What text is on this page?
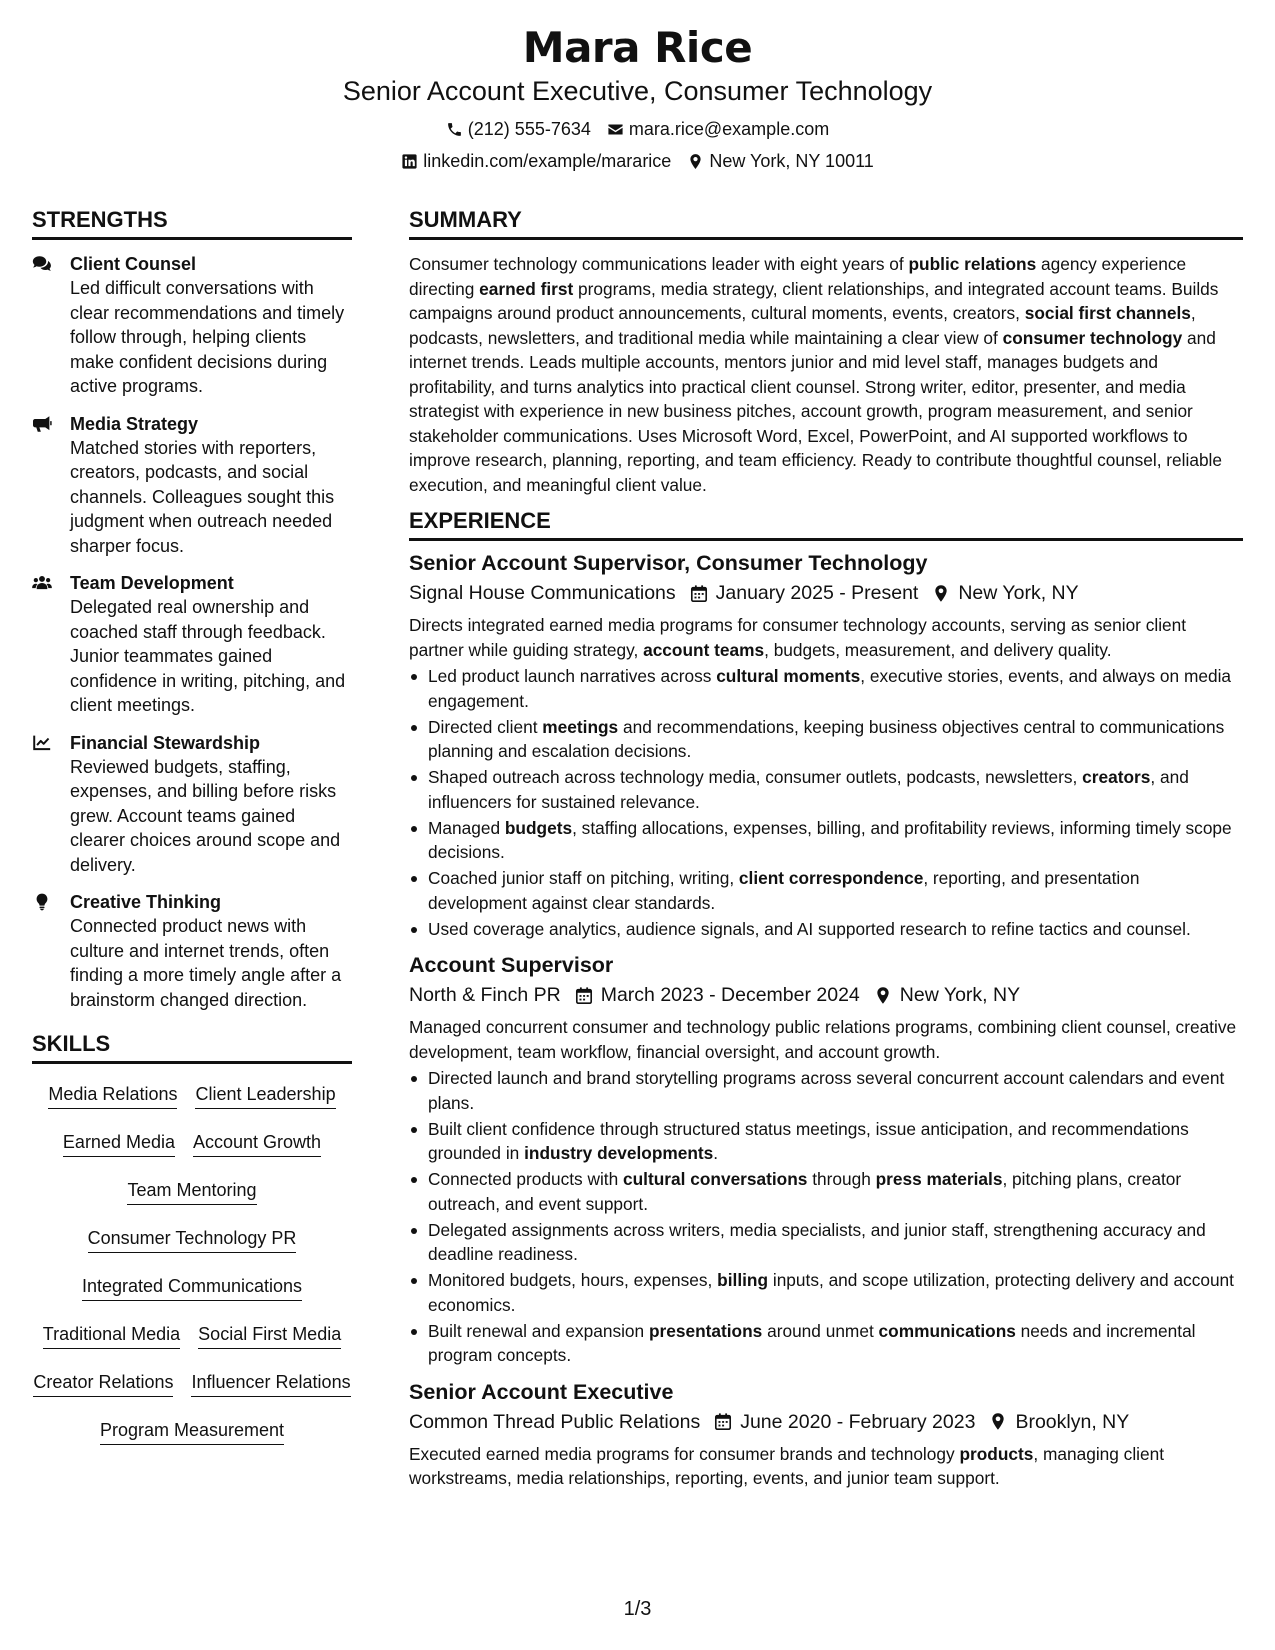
Mara Rice
Senior Account Executive, Consumer Technology
(212) 555-7634 mara.rice@example.com
linkedin.com/example/mararice New York, NY 10011
STRENGTHS
Client Counsel
Led difficult conversations with clear recommendations and timely follow through, helping clients make confident decisions during active programs.
Media Strategy
Matched stories with reporters, creators, podcasts, and social channels. Colleagues sought this judgment when outreach needed sharper focus.
Team Development
Delegated real ownership and coached staff through feedback. Junior teammates gained confidence in writing, pitching, and client meetings.
Financial Stewardship
Reviewed budgets, staffing, expenses, and billing before risks grew. Account teams gained clearer choices around scope and delivery.
Creative Thinking
Connected product news with culture and internet trends, often finding a more timely angle after a brainstorm changed direction.
SKILLS
Media Relations Client Leadership
Earned Media Account Growth
Team Mentoring
Consumer Technology PR
Integrated Communications
Traditional Media Social First Media
Creator Relations Influencer Relations
Program Measurement
SUMMARY
Consumer technology communications leader with eight years of public relations agency experience directing earned first programs, media strategy, client relationships, and integrated account teams. Builds campaigns around product announcements, cultural moments, events, creators, social first channels, podcasts, newsletters, and traditional media while maintaining a clear view of consumer technology and internet trends. Leads multiple accounts, mentors junior and mid level staff, manages budgets and profitability, and turns analytics into practical client counsel. Strong writer, editor, presenter, and media strategist with experience in new business pitches, account growth, program measurement, and senior stakeholder communications. Uses Microsoft Word, Excel, PowerPoint, and AI supported workflows to improve research, planning, reporting, and team efficiency. Ready to contribute thoughtful counsel, reliable execution, and meaningful client value.
EXPERIENCE
Senior Account Supervisor, Consumer Technology
Signal House Communications January 2025 - Present New York, NY
Directs integrated earned media programs for consumer technology accounts, serving as senior client partner while guiding strategy, account teams, budgets, measurement, and delivery quality.
Led product launch narratives across cultural moments, executive stories, events, and always on media engagement.
Directed client meetings and recommendations, keeping business objectives central to communications planning and escalation decisions.
Shaped outreach across technology media, consumer outlets, podcasts, newsletters, creators, and influencers for sustained relevance.
Managed budgets, staffing allocations, expenses, billing, and profitability reviews, informing timely scope decisions.
Coached junior staff on pitching, writing, client correspondence, reporting, and presentation development against clear standards.
Used coverage analytics, audience signals, and AI supported research to refine tactics and counsel.
Account Supervisor
North & Finch PR March 2023 - December 2024 New York, NY
Managed concurrent consumer and technology public relations programs, combining client counsel, creative development, team workflow, financial oversight, and account growth.
Directed launch and brand storytelling programs across several concurrent account calendars and event plans.
Built client confidence through structured status meetings, issue anticipation, and recommendations grounded in industry developments.
Connected products with cultural conversations through press materials, pitching plans, creator outreach, and event support.
Delegated assignments across writers, media specialists, and junior staff, strengthening accuracy and deadline readiness.
Monitored budgets, hours, expenses, billing inputs, and scope utilization, protecting delivery and account economics.
Built renewal and expansion presentations around unmet communications needs and incremental program concepts.
Senior Account Executive
Common Thread Public Relations June 2020 - February 2023 Brooklyn, NY
Executed earned media programs for consumer brands and technology products, managing client workstreams, media relationships, reporting, events, and junior team support.
1/3
